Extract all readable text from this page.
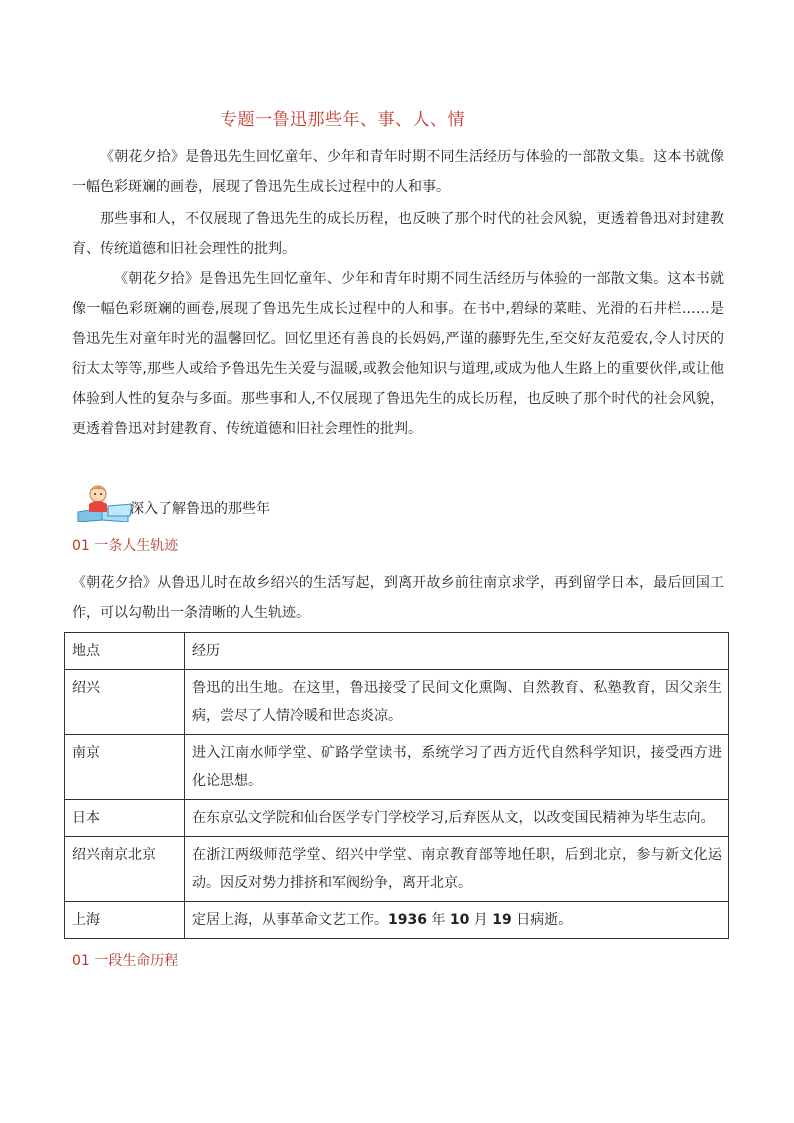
专题一鲁迅那些年、事、人、情

《朝花夕拾》是鲁迅先生回忆童年、少年和青年时期不同生活经历与体验的一部散文集。这本书就像一幅色彩斑斓的画卷，展现了鲁迅先生成长过程中的人和事。

那些事和人，不仅展现了鲁迅先生的成长历程，也反映了那个时代的社会风貌，更透着鲁迅对封建教育、传统道德和旧社会理性的批判。

《朝花夕拾》是鲁迅先生回忆童年、少年和青年时期不同生活经历与体验的一部散文集。这本书就像一幅色彩斑斓的画卷,展现了鲁迅先生成长过程中的人和事。在书中,碧绿的菜畦、光滑的石井栏……是鲁迅先生对童年时光的温馨回忆。回忆里还有善良的长妈妈,严谨的藤野先生,至交好友范爱农,令人讨厌的衍太太等等,那些人或给予鲁迅先生关爱与温暖,或教会他知识与道理,或成为他人生路上的重要伙伴,或让他体验到人性的复杂与多面。那些事和人,不仅展现了鲁迅先生的成长历程，也反映了那个时代的社会风貌，更透着鲁迅对封建教育、传统道德和旧社会理性的批判。

深入了解鲁迅的那些年
01 一条人生轨迹

《朝花夕拾》从鲁迅儿时在故乡绍兴的生活写起，到离开故乡前往南京求学，再到留学日本，最后回国工作，可以勾勒出一条清晰的人生轨迹。

地点	经历
绍兴	鲁迅的出生地。在这里，鲁迅接受了民间文化熏陶、自然教育、私塾教育，因父亲生病，尝尽了人情冷暖和世态炎凉。
南京	进入江南水师学堂、矿路学堂读书，系统学习了西方近代自然科学知识，接受西方进化论思想。
日本	在东京弘文学院和仙台医学专门学校学习,后弃医从文，以改变国民精神为毕生志向。
绍兴南京北京	在浙江两级师范学堂、绍兴中学堂、南京教育部等地任职，后到北京，参与新文化运动。因反对势力排挤和军阀纷争，离开北京。
上海	定居上海，从事革命文艺工作。1936 年 10 月 19 日病逝。
01 一段生命历程
